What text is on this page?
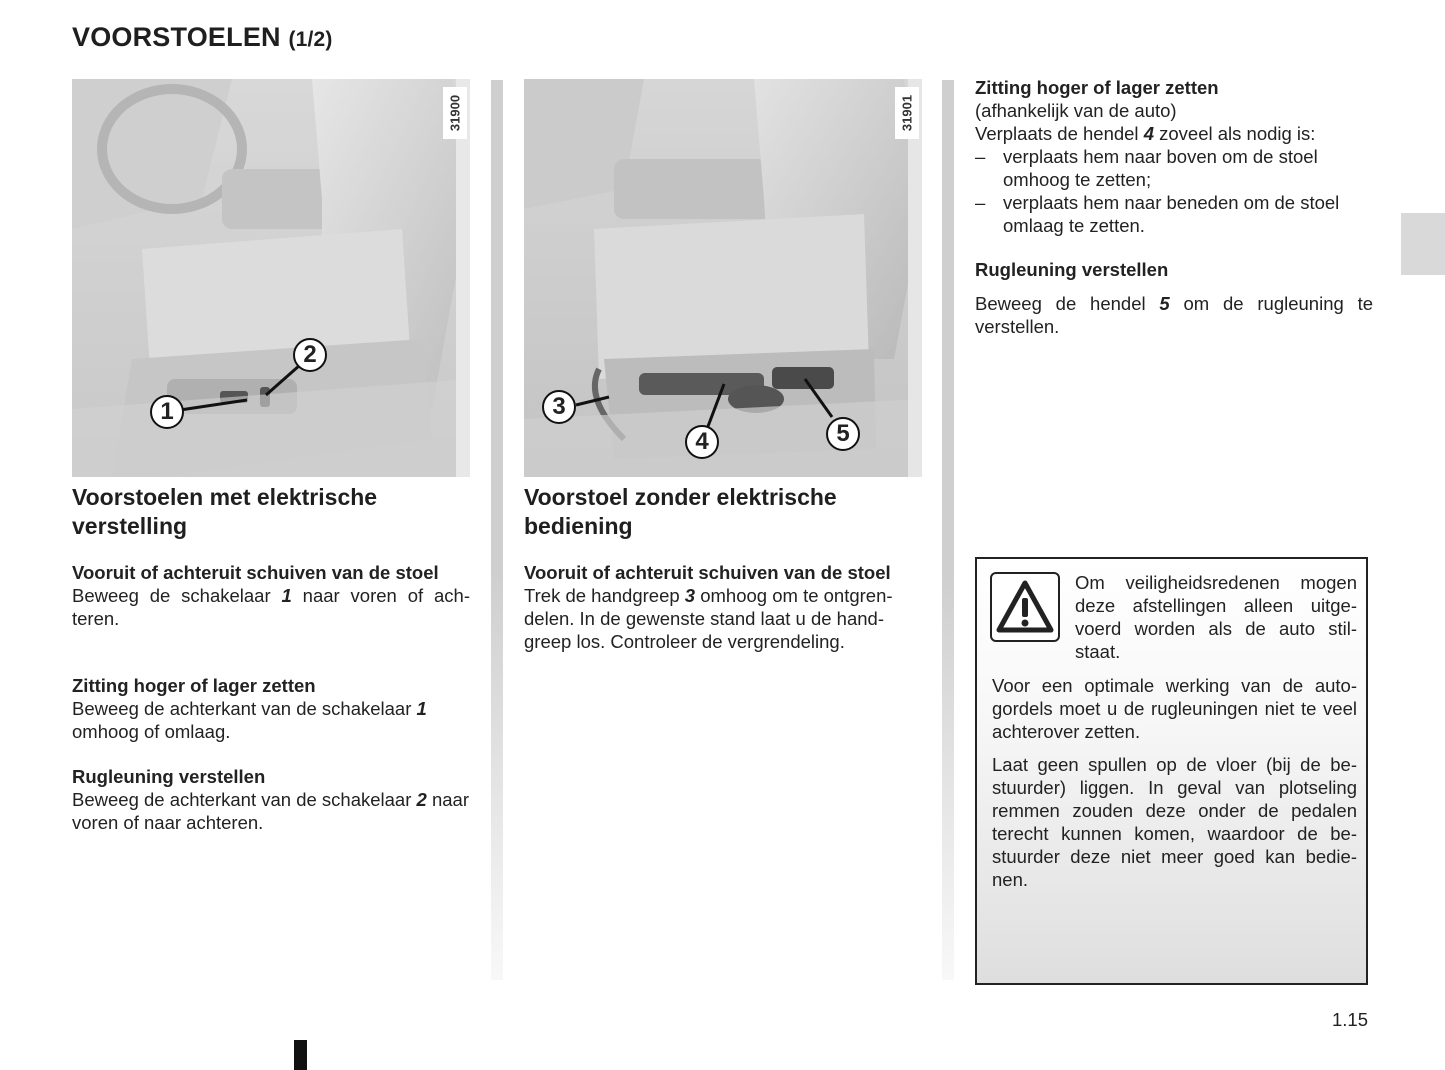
VOORSTOELEN (1/2)
1
2
31900
3
4	5
31901
Voorstoelen met elektrische verstelling

Vooruit of achteruit schuiven van de stoel

Beweeg de schakelaar 1 naar voren of ach-teren.

Zitting hoger of lager zetten

Beweeg de achterkant van de schakelaar 1 omhoog of omlaag.

Rugleuning verstellen

Beweeg de achterkant van de schakelaar 2 naar voren of naar achteren.

Voorstoel zonder elektrische bediening

Vooruit of achteruit schuiven van de stoel

Trek de handgreep 3 omhoog om te ontgren-delen. In de gewenste stand laat u de hand-greep los. Controleer de vergrendeling.

Zitting hoger of lager zetten

(afhankelijk van de auto)

Verplaats de hendel 4 zoveel als nodig is:

– verplaats hem naar boven om de stoel omhoog te zetten;
– verplaats hem naar beneden om de stoel omlaag te zetten.

Rugleuning verstellen

Beweeg de hendel 5 om de rugleuning te verstellen.

Om veiligheidsredenen mogen deze afstellingen alleen uitge-voerd worden als de auto stil-staat.
Voor een optimale werking van de auto-gordels moet u de rugleuningen niet te veel achterover zetten.
Laat geen spullen op de vloer (bij de be-stuurder) liggen. In geval van plotseling remmen zouden deze onder de pedalen terecht kunnen komen, waardoor de be-stuurder deze niet meer goed kan bedie-nen.
1.15
